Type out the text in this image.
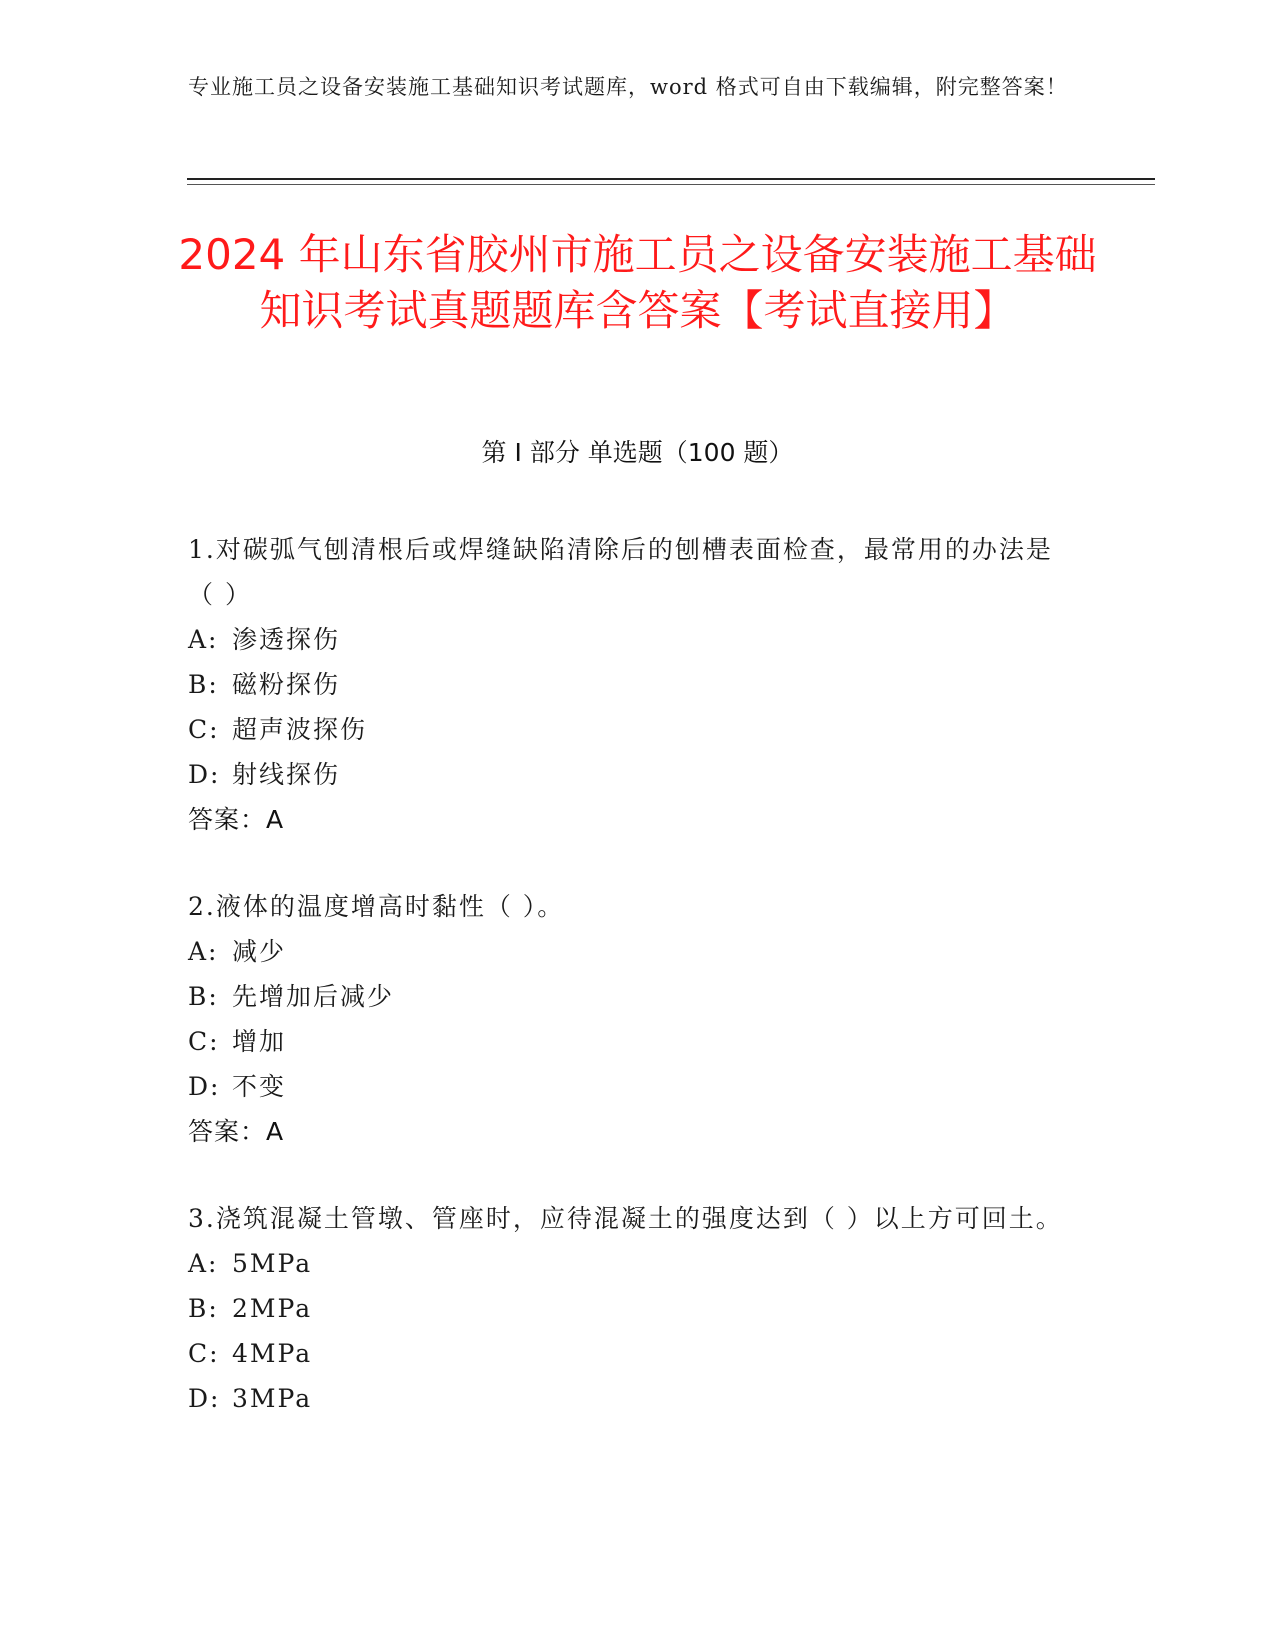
专业施工员之设备安装施工基础知识考试题库，word 格式可自由下载编辑，附完整答案！
2024 年山东省胶州市施工员之设备安装施工基础知识考试真题题库含答案【考试直接用】
第 I 部分 单选题（100 题）
1.对碳弧气刨清根后或焊缝缺陷清除后的刨槽表面检查，最常用的办法是（ ）
A: 渗透探伤
B: 磁粉探伤
C: 超声波探伤
D: 射线探伤
答案：A
2.液体的温度增高时黏性（ ）。
A: 减少
B: 先增加后减少
C: 增加
D: 不变
答案：A
3.浇筑混凝土管墩、管座时，应待混凝土的强度达到（ ）以上方可回土。
A: 5MPa
B: 2MPa
C: 4MPa
D: 3MPa
